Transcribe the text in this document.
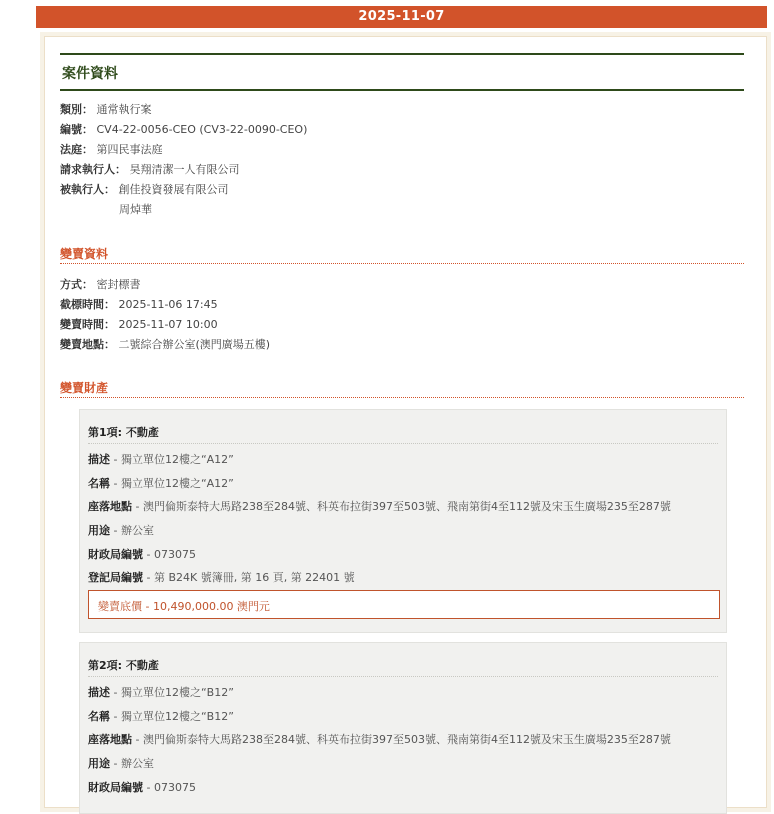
2025-11-07
案件資料
類別： 通常執行案
編號： CV4-22-0056-CEO (CV3-22-0090-CEO)
法庭： 第四民事法庭
請求執行人： 昊翔清潔一人有限公司
被執行人： 創佳投資發展有限公司
周焯華
變賣資料
方式： 密封標書
截標時間： 2025-11-06 17:45
變賣時間： 2025-11-07 10:00
變賣地點： 二號綜合辦公室(澳門廣場五樓)
變賣財產
第1項: 不動產
描述 - 獨立單位12樓之“A12”
名稱 - 獨立單位12樓之“A12”
座落地點 - 澳門倫斯泰特大馬路238至284號、科英布拉街397至503號、飛南第街4至112號及宋玉生廣場235至287號
用途 - 辦公室
財政局編號 - 073075
登記局編號 - 第 B24K 號簿冊, 第 16 頁, 第 22401 號
變賣底價 - 10,490,000.00 澳門元
第2項: 不動產
描述 - 獨立單位12樓之“B12”
名稱 - 獨立單位12樓之“B12”
座落地點 - 澳門倫斯泰特大馬路238至284號、科英布拉街397至503號、飛南第街4至112號及宋玉生廣場235至287號
用途 - 辦公室
財政局編號 - 073075
